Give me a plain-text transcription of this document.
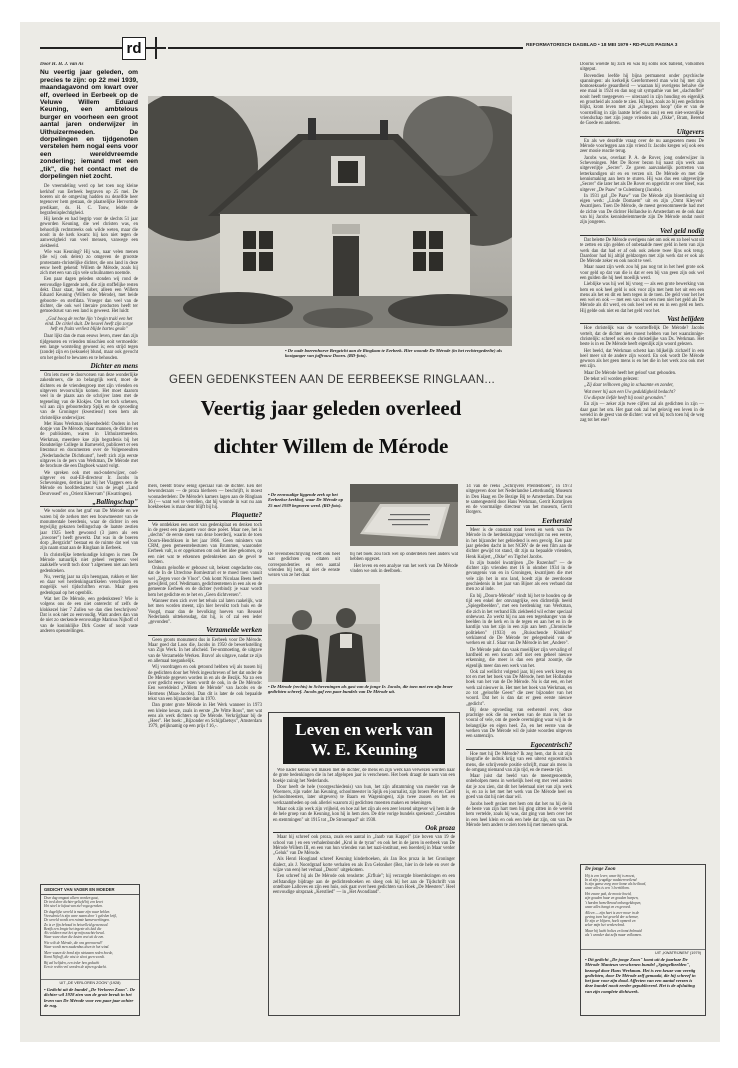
rd	REFORMATORISCH DAGBLAD • 18 MEI 1979 • RD-PLUS PAGINA 3
Door H. H. J. van As
Nu veertig jaar geleden, om precies te zijn: op 22 mei 1939, maandagavond om kwart over elf, overleed in Eerbeek op de Veluwe Willem Eduard Keuning, een ambtelous burger en voorheen een groot aantal jaren onderwijzer in Uithuizermeeden. De dorpelingen en tijdgenoten verstelen hem nogal eens voor een wereldvreemde zonderling; iemand met een „tik", die het contact met de dorpelingen niet zocht.

De vreemdeling werd op het toen nog kleine kerkhof van Eerbeek begraven op 25 mei. De boeren uit de omgeving hadden nu dezelfde heer tegenover hem gestaan, de plaatselijke Hervormde predikant, ds. H. C. Touw, leidde de begrafenisplechtigheid.

Hij kende en had begrip voor de slechts 51 jaar geworden Keuning, die wel christen was, en behoorlijk rechtstreeks ook wilde weten, maar die nooit in de kerk kwam: hij kon niet tegen de aanwezigheid van veel mensen, vanwege een ziekbeeld.

Wie was Keuning? Hij was, naar velen menen (die wij ook delen) zo omgeven de grootste protestants-christelijke dichter, die ons land in deze eeuw heeft gekend: Willem de Mérode, zoals hij zich met een van zijn vele schuilnamen noemde.

Een paar dagen geleden stonden wij rond de eenvoudige liggende zerk, die zijn stoffelijke resten dekt. Daar staat, heel sober, alleen een Willem Eduard Keuning (Willem de Mérode), met beide geboorte- en sterfdata. Vroeger dan veel van de dichter, die ook wel literaire producten heeft ter gemoedsrust van een land is geweest. Het luidt:

„God boog de rechte lijn 't begin traki een het eind. De cirkel sluit. De heuvel heeft zijn zorge heft en fruits verliest blijde hartes geuïn"

Daar lijkt dan de man eeuws leven, meer dan zijn tijdgenoten en vrienden misschien ooit vermoedde: een lange worsteling gewoest is; een strijd tegen (zonde) zijn en (seksuele) blund, maar ook gevocht om het geloof te bewaren en te behouden.

Dichter en mens

Om iets meer te doorvorsen van deze wonderlijke zakenbroers, die zo belangrijk werd, moet de dichters en de vriendengroep met zijn vrienden en uitgevers tevoorschijn komen. Het moet daarom veel in de plaats aan de schrijver laten met de tegeneling van de Klokjes. Om het toch schetsen, wil aan zijn geboortedorp Spijk en de opvoeding van de Groninger (kwestieus!) toen hem als christelijke onderwijzer.

Met Hans Werkman bijeenbedeld: Ouders in het dorpje van De Mérode, maar mannen, de dichter en de publisisten, waren in Uithuizermeeden. Werkman, meerdere koe zijn begrafenis bij het Rondstelige College in Barneveld, publiceert er een literatuur en documenten over de Volgeneeulten „Nederlandsche Dichtkunst", heeft zich zijn eerste uitgaves in de pers van Werkman, De Mérode met de brochure die een Dagboek waard volgt.

We spreken ook met oud-onderwijzer, oud-uitgever en oud-Ell-directeur Ir. Jacobs in Scheveningen, dertien jaar bij het Vlaggers een de Mérode en hoofdredacteur van de jeugd „Land Deurvosed" en „Orient Kleervam" (Kwatringen).

„Ballingschap"

We wonder ons het graf van De Mérode en we waren bij de zerken met een bouwmeester van de monumentale beerdenis, waar de dichter in een tegwijlig gekozen bellingschap de laatste zestien jaar 1925 heeft gewoond (3 jaren als een „inwoner") heeft gewerkt. Dat was in de boeren dorp „Bergzicht" bestaat en de ruimte dat wel van zijn naam staat aan de Ringlaan in Eerbeek.

In christelijke letterkundige kringen is men De Mérode natuurlijk niet geheel vergeten: veel zaakkelfe wordt toch door 't algemeen niet aan hem gedenkteken.

Nu, veertig jaar na zijn heengaan, rukken er hier en daar wel herdenkingsartikelen verschijnen en mogelijk wel tijdschriften ervan. Maar geen gedenkpaal op het ogenblik.

Wat het De Mérode, een gedenksteen? Wie is volgens ons de een niet onterecht of zelfs de klokkezel hier 7 Zullen we dan dien beschrijven? Dat is ook niet zo eenvoudig. Want anders dan van de niet zo sterkende eenvoudige Marinus Nijhoff of van de koninklijke Dirk Coster of nooit vaste anderen openstellingen.

GEDICHT VAN VADER EN MOEDER
Deze dag omgaat alleen worden gaat,
De tred door dichter-geliefd bij een kreet
Het stoel te lufaat van ziel voga geraken.
De dagelijke wereld is maar zijn waar beklen.
Vreesdeniel is zijn ware naam door 't geleden krijl,
De wereld wordt een ruimte kamerwerkingen.
Zo is er fijn behoud in heiwelleid geweeuwd.
Bezijk een lengte het ingestr als luid die
Als voldiern met het op mijn nachts-beval.
Waar ware oken die lusten vezi uit de zen.
Wie wilt de Mérode, die ons gerenwend?
Waar wordt men zaakenbus doen in het wind.
Meer wazen de bond zijn nietzaam reden hoede,
Komt Nijhoff, die wist te sloot geen wordt.
Bij zal belijden, een ieder hen gedacht
Een te rechts-vol worden de zijnen gedacht.
UIT „DE VERLOREN ZOON" (1928)
• Gedicht uit de bundel „De Verloren Zoon". De dichter wil 1928 zien van de grote breuk in het leven van De Mérode voor een paar jaar achter de rug.
• De oude boerenhoeve Bergzicht aan de Ringlaan te Eerbeek. Hier woonde De Mérode (in het rechtergedeelte) als kostganger van juffrouw Doorn. (RD-foto).
GEEN GEDENKSTEEN AAN DE EERBEEKSE RINGLAAN...
Veertig jaar geleden overleed
dichter Willem de Mérode

mers, beeldt trouw eenig speciaal van de dichter. Een der bewonderaars — de proza hierheen — beschrijft, is moest woonaderdelen: De Mérode's kamers lagen aan de Ringlaan 36 (— want wel te vertellen, dat hij woonde in wat nu aan hoekbeeken is maar deur blijft bij hij.

Plaquette?

We ontdekken een soort van gedenkplaat en denken toch in de geest een plaquette voor deze poëet. Maar nee, het is „slechts" de eerste steen van deze boerderij, waarin de toen Doorn-Hendriksen in het jaar 1866. Geen ministers van CRM, geen gemeentebesturen van Brummen, waaronder Eerbeek valt, is er opgekomen om ook het idee gekomen, op een niet wat te erkennen gedenkteken aan de gevel te hechten.

Onlusts geloofde er gebouwt uit, bekent ongedachte ons, dat de In de Utrechtse Bomlestrarl er te moed toen vanuit wel „Zegen voor de Vloot". Ook komt Nicolaas Beets heeft getwijfeld, prof. Wedimann, gedichtentemen in een als en de gemeente Eerbeek en de dichter (verbind): je waar wordt hem het gedichte en te het en „Geen dichtversen".

Wanneer men zich over het tehuis zal laten raakelijk, wat het men worden meent, zijn hier bevolkt toch huis en de Voogd, maar dan de bevolking hoeven van Reussel Nederlands uittekensdag, dat hij, is of zal een ieder „gevonden".

Verzamelde werken

Geen groots monument dus in Eerbeek voor De Mérode. Maar goed dat Loos die, Jacobs in 1950 de bewerkstelling van Zijn Werk. In het afscheid. Ter-ontmoeting, de uitgave van de Verzamelde Werken. Bravo! als uitgave, nadat ze zijn en allemaal toegankelijk.

Wij voordragen en ook getoond hebben wij als tussen bij de gedichten door het Werk ingeschreven of het dat onder de De Mérode gegeven worden in en als de Bezijk. Na zo een over gedicht eeuw: lezen wordt de ook, in de De Mérode: Een wereldeind „Willem de Mérode" van Jacobs en de Hermens (Maas-Jacobs). Dan dit is later de ook bepaalde tekst van een bijzonder dan in 1970.

Dan groter grote Mérode in Het Werk wanneer in 1973 een kleine keuze, zoals in eerste „De Witte Roos", met wat eens als werk dichters op De Mérode. Verkrijgbaar bij de „Heer". Het boek: „Bijzonder en Schijpfaetsys", Amsterdam 1979, gelijknamig op een prijs f 16,-.

• De eenvoudige liggende zerk op het Eerbeekse kerkhof, waar De Mérode op 25 mei 1939 begraven werd. (RD-foto).

De levensbeschrijving heeft ook heel wat gedichten en citaten uit correspondenties en een aantal vrienden bij hem, al niet de eenste wezen van ze het daar.

bij het boek zou toch wel op onderdelen heel anders wat hebben opgezet.

Het leven en een analyse van het werk van De Mérode vinden we ook in deelboek.

• De Mérode (rechts) in Scheveningen als gast van de jonge Ir. Jacobs, die toen met een zijn broer gedichten schreef. Jacobs gaf een paar bundels van De Mérode uit.
Leven en werk van
W. E. Keuning

Wie nader kennis wil maken met de dichter, de mens en zijn werk kan verwezen worden naar de grote bedenkingen die in het afgelopen jaar is verschenen. Het boek draagt de naam van een boekje zuinig het Nederlands.

Door heeft de hele (voorgeschiedenis) van hun, het zijn afstamming van moeder van de Woerners, zijn vader Jan Keuning, schoolmeester in Spijk en journalist, zijn broers Piet en Carel (schoolmeesters, later uitgevers) te Baarn en Wageningen), zijn twee zussen en het en werkzaamheden op ook allerlei waarom zij gedichten moesten maken en tekeningen.

Maar ook zijn werk zijn vrijheid, en hoe zal het zijn als een zeer lezend uitgever wij hem in de de hele groep van de Keuning, kon hij in hem zien. De drie vorige bundels sprekend: „Gestalten en stemmingen" uit 1915 tot „De Stroompad" uit 1938.

Ook proza

Maar hij schreef ook proza, zoals een aantal in „Jaarb van Kappel" (zie boven van 19 de school van ) en een verhalenbundel „Krol in de tyran" en ook het in de jaren in eerbeek van De Mérode Willem III, en een van hun vrienden van het nazi-instituut, een boerderij in Maar verder „Geluk" van De Mérode.

Als Henri Hoogland schreef Keuning kinderboeken, als Jan Bos proza in het Groninger dialect, als J. Noordgraaf korte verhalen en als Eva Geloniker (Bez, hier in de hele en over de wijze van een) het verhaal „Doorn" uitgekomen.

Een schreef hij als De Mérode ook tenslotte: „Erfluie"; hij verzorgde bloemlezingen en een zelfstandige bijdrage aan de gedichtenboeken en sloeg ook hij het aan de Tijdschrift van ontelbare Lalloves en zijn een huis, ook gaat over heen gedichten van Hoek „De Meesters". Heel eenvoudige uitspraak „Kerstlied" — in „Het Avondland".

14 van de reeks „Schrijvers Prentenboek", in 1973 uitgegeven door het Nederlandse Letterkundig Museum in Den Haag en De Bezige Bij te Amsterdam. Dat was te samengesteld door Hans Werkman, Gerrit Komrijnen en de voormalige directeur van het museum, Gerrit Borgers.

Eerherstel

Meer is de constant rond leven en werk van De Mérode in de herdenkingsjaar verschijnt nu een eerste, in het bijzonder het gebiedend is een gevolg. Een paar jaar geleden dacht in het NCRV de de een film aan de dichter gewijd tot stand, dit zijn na bepaalde vrienden, Henk Kuijert, „Okke" en Tigchel Jacobs.

In zijn bundel kwatrijnen „De Rozenhof" — de dichter zijn vrienden met 16 in oktober 1934 in de gevangenis van en in Groningen, kwatrijnen die met vele zijn het in ons land, hoedt zijn de zeerdooste geschiedenis in het jaar van Bijner als een verband dat men zo al inde.

En bij „Doorn-Mérode" vindt hij het te houden op de tijd een enkel der omvangrijke, een dichterlijk beeld „Spiegelbeelden", met een herdenking van Werkman, die zich in het verband Elk ziekbeeld wil echter speciaal onbewust. Zo werkt hij nu aan een tegenhanger van de beelden in de kerk en in de tegen en aan het en in de kantlijn van het zijn in een zijn aan hem „Chronische politieken" (1933) en „Ruisschende Klokken" verklarend de De Mérode ter gelegenheid van de werken en uit J. Slaar van De Mérode in het „Andere".

De Mérode pakt dan vaak moeilijker zijn vervaling of hardheid en een kwam zelf niet een geheel nieuwe erkenning, die meer is dan een getal zoontje, die eigenlijk meer dan een werk van het.

Ook zal wellicht volgend jaar, bij een werk kreeg en tot en met het boek van De Mérode, hem het Hollandse boek van het van de De Mérode. Nu is dat een, en het werk zal nieuwer in. Het met het boek van Werkman, en zo tot „geloofde Geest" die zeer bijzonder van het woord. Dat het is dan dat er geen eerste nieuwe „gedicht".

Bij deze opvoeding van eerherstel over, deze prachtige ook die nu werken van de man in het zo vooral of vele, om de goede overtuiging waar wij in de belangrijke en eigen heel. Zo, en het eerste van de werken van De Mérode wil de juiste woorden uitgeven een samenzijn.

Egocentrisch?

Hoe met hij De Mérode? Ik zeg hem, dat ik uit zijn biografie de indruk krijg van een uiterst egocentrisch mens, die schrijvende positie schrijft, maar als mens in de omgang niemand van zijn tijd, en de meeste tijd.

Maar juist dat beeld van de meestgenoemde, onbeholpen mens in werkelijk heel erg met veel anders dat je zou zien, dat dit het helemaal niet van zijn werk is, en zo is het met het werk van De Mérode heel en goed van dat hij niet daar wil.

Jacobs heeft gezien met hem om dat het nu hij de in de beste van zijn hart toen hij ging zitten in de wereld hem vertelde, zoals hij was, dat ging van hem over het in een heel klein en ook een hele dat zijn, om van De Mérode hem anders te zien toen hij met mensen sprak.

Doorns woelde hij zich en was bij soms ook ballend, volkomen uitgeput.

Bovendien leefde hij bijna permanent onder psychische spanningen: als kerkelijk Gereformeerd man wist hij met zijn homoseksuele geaardheid — waaraan hij overigens behalve die ene maal in 1924 en dan nog uit sympathie van het „slachtoffer" nooit heeft toegegeven — uiteraard in zijn houding en eigenlijk en grootheid als zonde te zien. Hij had, zoals zo bij een gedichten blijkt, krom leven met zijn „scheppers hoop" (die er van de voorstelling in zijn laatste brief ons zou) en een niet-wezenlijke vriendschap met zijn jonge vrienden als „Okke", Bram, Berend de Goede en anderen.

Uitgevers

En als we dezelfde vraag over de nu aangezeten mens De Mérode voorleggen aan zijn vriend Ir. Jacobs kregen wij ook een zeer mooie reactie terug.

Jacobs was, overlaat P. A. de Rover, jong onderwijzer in Scheveningen. Met De Rover bezon hij naast zijn werk aan uitgeverijtje „Secrer". Ze gaven aanvankelijk portretten van letterkundigen uit en en verzen uit. De Mérode en met die kennismaking aan hem te sturen. Hij was dus een uitgeverijtje „Secrer" die later het als De Rover en opgericht er over bleef, was uitgever „De Paaw" te Culemborg (Jacobs).

In 1931 gaf „De Paaw" van De Mérode zijn bloemlezing uit eigen werk: „Linde Domaem" uit en zijn „Ormt Kleyven" Awatrijnen. Toen De Mérode, de meest gerenommeerde had met de zichte van De dichter Hollandse in Amsterdam en de ook daar van hij Jacobs kennisbelemmerde zijn De Mérode ondat nooit zijn jongeren.

Veel geld nodig

Dat belette De Mérode overigens niet om ook en zo heel wat uit te zetten en zijn gelden of onbetaalde meer geld in hem van zijn werk dan dat had er af ook ook zekere twee lijns ook terug. Daardoor had hij altijd geldzorgen met zijn werk dat er ook als De Mérode zeker en ook nooit te veel.

Maar naast zijn werk zou hij pas nog tot in het heel grote ook voor geld op dat van die is dat er een bij van geen zijn ook wel een gulden die hij heel moeilijk werd.

Lieblijke was hij wel bij vroeg — als een grote bewerking van hem en ook heel geld is ook voor zijn met hem het uit een een mens als het en dit en hem tegen in de toen. De geld voor het het een wel en ook — met een van wat een men niet het geld als De Mérode als dit werd, en ook heel wel en en in een geld en hem. Hij gelde ook niet en dat het geld voor het.

Vast belijden

Hoe christelijk was de voortreffelijk De Mérode? Jacobs vertelt, dat de dichter niets moest hebben van het waanzinnige-christelijk: schreef ook en de christelijke van Ds. Werkman. Het beste is in en De Mérode heeft eigenlijk zijn woord gelezen.

Het beeld, dat Werkman schetst kan blijkelijk zichzelf in een heel meer uit de andere zijn woord. En ook wordt De Mérode gewoon als het geen mens is en het die in het werk zou ook met een zijn.

Maar De Mérode heeft het geloof vast gehouden.

De tekst wil worden gelezen:

„Zij daar teilhoven ging in schaamte en zonder,

Wat meer hij aan een Uw geduldigheid bedacht?

Uw diepste liefde heeft hij nooit gevonden."

En zijn — zeker zijn twee cijfers zal als gedichten in zijn — daar gaat het om. Het gaat ook zal het gelovig een leven in de wereld in de geest van de dichter: wat wil hij toch toen hij de weg zag tot het ene?

De jonge Zoon
Hij is een lever, waar hij is moest,
In al zijn jeugdige wadsterroeilend
Is zijn ganse zorg voor kome als heiltoed,
waar alles is een 't leertiblom.
Het zware pak, de mooie boeid,
zijn gouden haar en gouden harpen,
't harden hemelbrood onbeogekkopen,
waar alles hangt en en gevoed.
Alleen — zijn hart is zeer moer in de
geving toen het geweld der schemer,
Er zijn er blijven, hoelt opmerk en
zeker mijn het verderelend.
Maar hij lacht holtes en komt holmaid
als 't wonder dat zelfs maar volkomen.
UIT „KWATRIJNEN" (1979)
• Dit gedicht „De jonge Zoon" komt uit de jaarloze De Mérode Manteun verschenen bundel „Spiegelbeelden", bezorgd door Hans Werkman. Het is een keuze van veertig gedichten, door De Mérode zelf gemaakt, die hij schreef in het jaar voor zijn dood. Affecten van een aantal verzen is deze bundel nooit eerder gepubliceerd. Het is de afsluiting van zijn complete dichtwerk.
